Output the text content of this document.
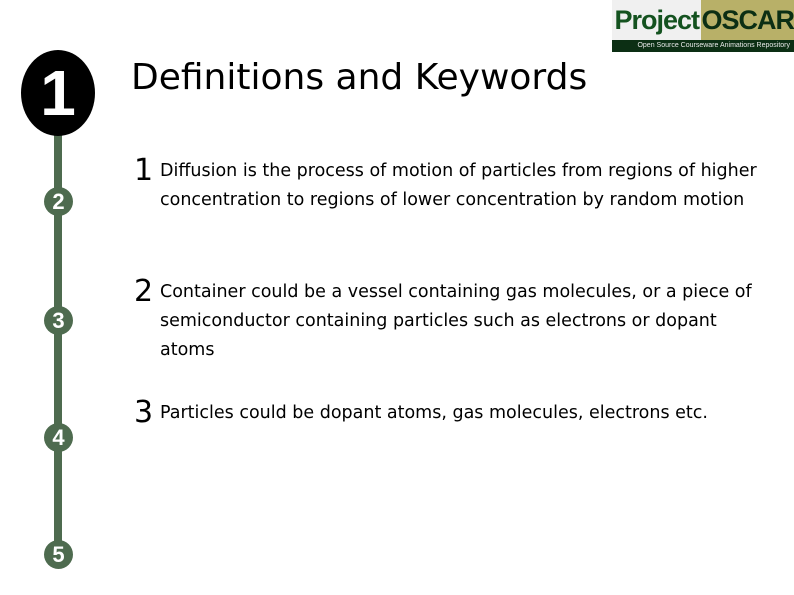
Project OSCAR
Open Source Courseware Animations Repository
1
2
3
4
5
Definitions and Keywords
1 Diffusion is the process of motion of particles from regions of higher concentration to regions of lower concentration by random motion
2 Container could be a vessel containing gas molecules, or a piece of semiconductor containing particles such as electrons or dopant atoms
3 Particles could be dopant atoms, gas molecules, electrons etc.
